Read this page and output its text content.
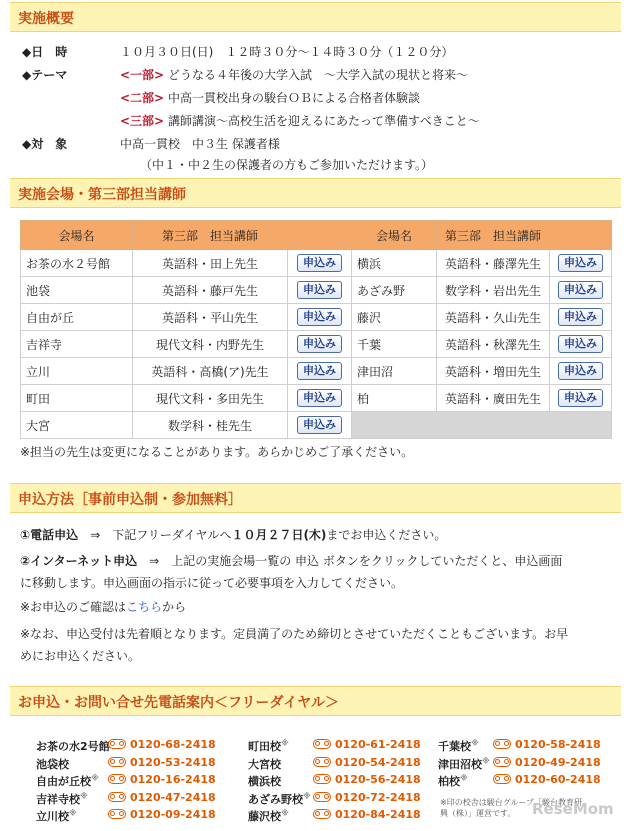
実施概要
◆日　時	１０月３０日(日)　１２時３０分～１４時３０分（１２０分）
◆テーマ	<一部> どうなる４年後の大学入試　～大学入試の現状と将来～
<二部> 中高一貫校出身の駿台ＯＢによる合格者体験談
<三部> 講師講演～高校生活を迎えるにあたって準備すべきこと～
◆対　象	中高一貫校　中３生 保護者様
（中１・中２生の保護者の方もご参加いただけます。）
実施会場・第三部担当講師
会場名	第三部　担当講師		会場名	第三部　担当講師	
お茶の水２号館	英語科・田上先生	申込み	横浜	英語科・藤澤先生	申込み
池袋	英語科・藤戸先生	申込み	あざみ野	数学科・岩出先生	申込み
自由が丘	英語科・平山先生	申込み	藤沢	英語科・久山先生	申込み
吉祥寺	現代文科・内野先生	申込み	千葉	英語科・秋澤先生	申込み
立川	英語科・高橋(ア)先生	申込み	津田沼	英語科・増田先生	申込み
町田	現代文科・多田先生	申込み	柏	英語科・廣田先生	申込み
大宮	数学科・桂先生	申込み			
※担当の先生は変更になることがあります。あらかじめご了承ください。
申込方法［事前申込制・参加無料］
①電話申込　 ⇒　 下記フリーダイヤルへ１０月２７日(木)までお申込ください。
②インターネット申込　 ⇒　 上記の実施会場一覧の 申込 ボタンをクリックしていただくと、申込画面
に移動します。申込画面の指示に従って必要事項を入力してください。
※お申込のご確認はこちらから
※なお、申込受付は先着順となります。定員満了のため締切とさせていただくこともございます。お早
めにお申込ください。
お申込・お問い合せ先電話案内＜フリーダイヤル＞
お茶の水2号館	0120-68-2418
池袋校	0120-53-2418
自由が丘校※	0120-16-2418
吉祥寺校※	0120-47-2418
立川校※	0120-09-2418
町田校※	0120-61-2418
大宮校	0120-54-2418
横浜校	0120-56-2418
あざみ野校※	0120-72-2418
藤沢校※	0120-84-2418
千葉校※	0120-58-2418
津田沼校※	0120-49-2418
柏校※	0120-60-2418
※印の校舎は駿台グループ「駿台教育研
興（株）」運営です。	ReseMom
